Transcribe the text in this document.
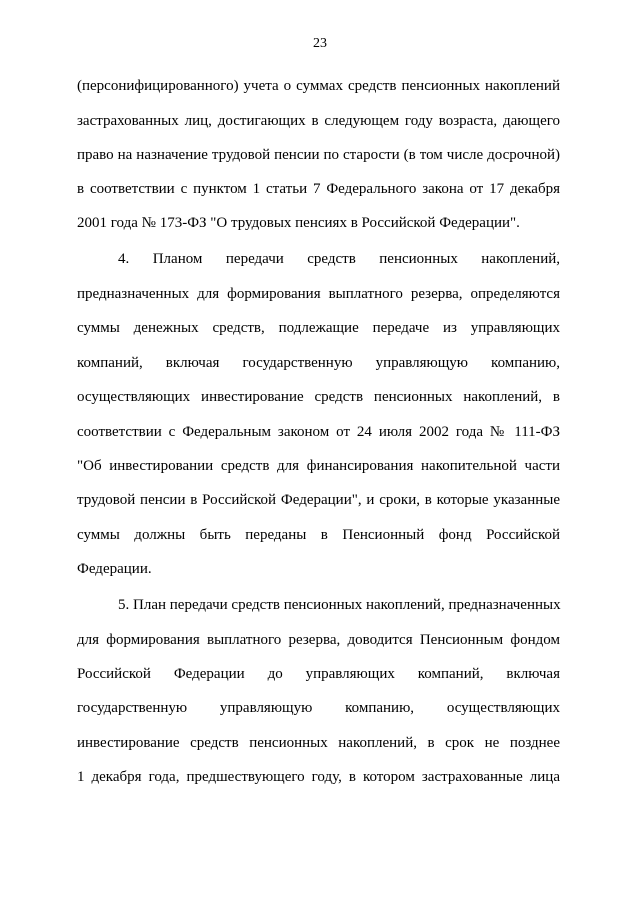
23
(персонифицированного) учета о суммах средств пенсионных накоплений
застрахованных лиц, достигающих в следующем году возраста, дающего
право на назначение трудовой пенсии по старости (в том числе досрочной)
в соответствии с пунктом 1 статьи 7 Федерального закона от 17 декабря
2001 года № 173-ФЗ "О трудовых пенсиях в Российской Федерации".
4. Планом передачи средств пенсионных накоплений,
предназначенных для формирования выплатного резерва, определяются
суммы денежных средств, подлежащие передаче из управляющих
компаний, включая государственную управляющую компанию,
осуществляющих инвестирование средств пенсионных накоплений, в
соответствии с Федеральным законом от 24 июля 2002 года № 111-ФЗ
"Об инвестировании средств для финансирования накопительной части
трудовой пенсии в Российской Федерации", и сроки, в которые указанные
суммы должны быть переданы в Пенсионный фонд Российской
Федерации.
5. План передачи средств пенсионных накоплений, предназначенных
для формирования выплатного резерва, доводится Пенсионным фондом
Российской Федерации до управляющих компаний, включая
государственную управляющую компанию, осуществляющих
инвестирование средств пенсионных накоплений, в срок не позднее
1 декабря года, предшествующего году, в котором застрахованные лица
